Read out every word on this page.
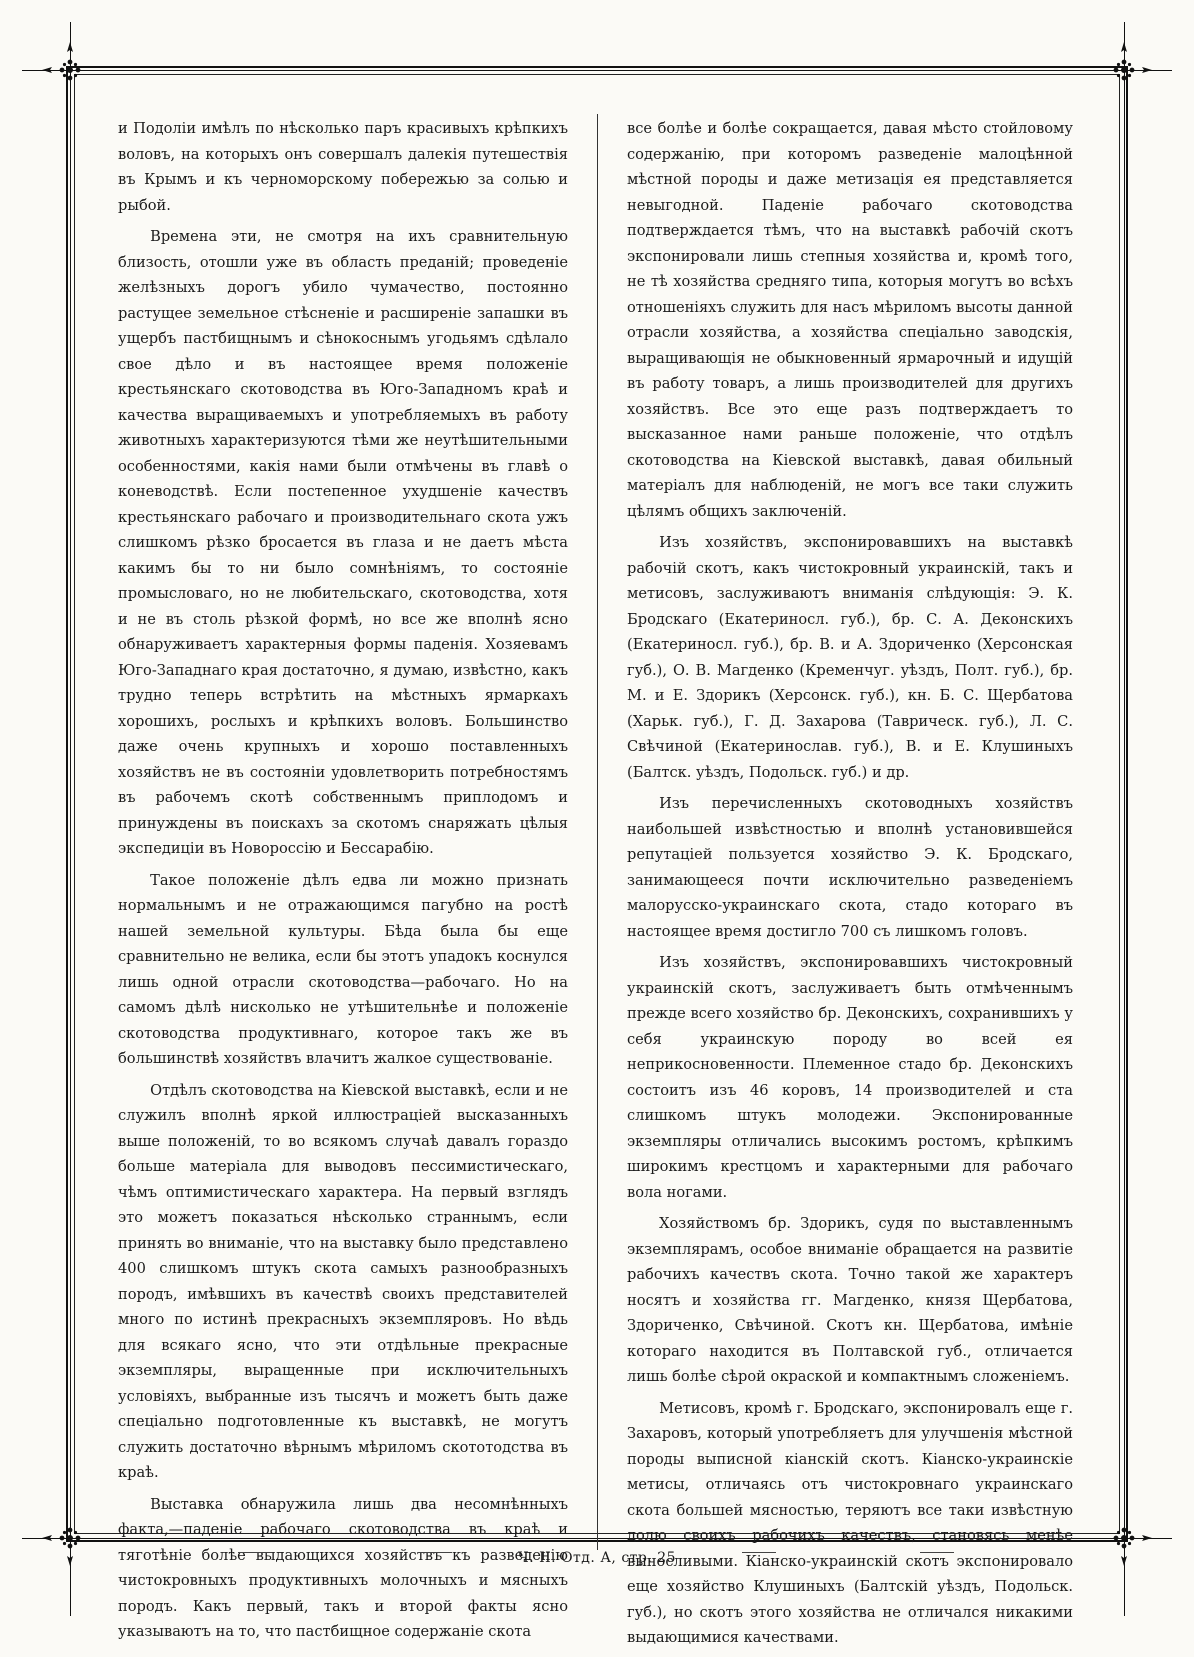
и Подоліи имѣлъ по нѣсколько паръ красивыхъ крѣпкихъ воловъ, на которыхъ онъ совершалъ далекія путешествія въ Крымъ и къ черноморскому побережью за солью и рыбой.

Времена эти, не смотря на ихъ сравнительную близость, отошли уже въ область преданій; проведеніе желѣзныхъ дорогъ убило чумачество, постоянно растущее земельное стѣсненіе и расширеніе запашки въ ущербъ пастбищнымъ и сѣнокоснымъ угодьямъ сдѣлало свое дѣло и въ настоящее время положеніе крестьянскаго скотоводства въ Юго-Западномъ краѣ и качества выращиваемыхъ и употребляемыхъ въ работу животныхъ характеризуются тѣми же неутѣшительными особенностями, какія нами были отмѣчены въ главѣ о коневодствѣ. Если постепенное ухудшеніе качествъ крестьянскаго рабочаго и производительнаго скота ужъ слишкомъ рѣзко бросается въ глаза и не даетъ мѣста какимъ бы то ни было сомнѣніямъ, то состояніе промысловаго, но не любительскаго, скотоводства, хотя и не въ столь рѣзкой формѣ, но все же вполнѣ ясно обнаруживаетъ характерныя формы паденія. Хозяевамъ Юго-Западнаго края достаточно, я думаю, извѣстно, какъ трудно теперь встрѣтить на мѣстныхъ ярмаркахъ хорошихъ, рослыхъ и крѣпкихъ воловъ. Большинство даже очень крупныхъ и хорошо поставленныхъ хозяйствъ не въ состояніи удовлетворить потребностямъ въ рабочемъ скотѣ собственнымъ приплодомъ и принуждены въ поискахъ за скотомъ снаряжать цѣлыя экспедиціи въ Новороссію и Бессарабію.

Такое положеніе дѣлъ едва ли можно признать нормальнымъ и не отражающимся пагубно на ростѣ нашей земельной культуры. Бѣда была бы еще сравнительно не велика, если бы этотъ упадокъ коснулся лишь одной отрасли скотоводства—рабочаго. Но на самомъ дѣлѣ нисколько не утѣшительнѣе и положеніе скотоводства продуктивнаго, которое такъ же въ большинствѣ хозяйствъ влачитъ жалкое существованіе.

Отдѣлъ скотоводства на Кіевской выставкѣ, если и не служилъ вполнѣ яркой иллюстраціей высказанныхъ выше положеній, то во всякомъ случаѣ давалъ гораздо больше матеріала для выводовъ пессимистическаго, чѣмъ оптимистическаго характера. На первый взглядъ это можетъ показаться нѣсколько страннымъ, если принять во вниманіе, что на выставку было представлено 400 слишкомъ штукъ скота самыхъ разнообразныхъ породъ, имѣвшихъ въ качествѣ своихъ представителей много по истинѣ прекрасныхъ экземпляровъ. Но вѣдь для всякаго ясно, что эти отдѣльные прекрасные экземпляры, выращенные при исключительныхъ условіяхъ, выбранные изъ тысячъ и можетъ быть даже спеціально подготовленные къ выставкѣ, не могутъ служить достаточно вѣрнымъ мѣриломъ скототодства въ краѣ.

Выставка обнаружила лишь два несомнѣнныхъ факта,—паденіе рабочаго скотоводства въ краѣ и тяготѣніе болѣе выдающихся хозяйствъ къ разведенію чистокровныхъ продуктивныхъ молочныхъ и мясныхъ породъ. Какъ первый, такъ и второй факты ясно указываютъ на то, что пастбищное содержаніе скота

все болѣе и болѣе сокращается, давая мѣсто стойловому содержанію, при которомъ разведеніе малоцѣнной мѣстной породы и даже метизація ея представляется невыгодной. Паденіе рабочаго скотоводства подтверждается тѣмъ, что на выставкѣ рабочій скотъ экспонировали лишь степныя хозяйства и, кромѣ того, не тѣ хозяйства средняго типа, которыя могутъ во всѣхъ отношеніяхъ служить для насъ мѣриломъ высоты данной отрасли хозяйства, а хозяйства спеціально заводскія, выращивающія не обыкновенный ярмарочный и идущій въ работу товаръ, а лишь производителей для другихъ хозяйствъ. Все это еще разъ подтверждаетъ то высказанное нами раньше положеніе, что отдѣлъ скотоводства на Кіевской выставкѣ, давая обильный матеріалъ для наблюденій, не могъ все таки служить цѣлямъ общихъ заключеній.

Изъ хозяйствъ, экспонировавшихъ на выставкѣ рабочій скотъ, какъ чистокровный украинскій, такъ и метисовъ, заслуживаютъ вниманія слѣдующія: Э. К. Бродскаго (Екатериносл. губ.), бр. С. А. Деконскихъ (Екатериносл. губ.), бр. В. и А. Здориченко (Херсонская губ.), О. В. Магденко (Кременчуг. уѣздъ, Полт. губ.), бр. М. и Е. Здорикъ (Херсонск. губ.), кн. Б. С. Щербатова (Харьк. губ.), Г. Д. Захарова (Таврическ. губ.), Л. С. Свѣчиной (Екатеринослав. губ.), В. и Е. Клушиныхъ (Балтск. уѣздъ, Подольск. губ.) и др.

Изъ перечисленныхъ скотоводныхъ хозяйствъ наибольшей извѣстностью и вполнѣ установившейся репутаціей пользуется хозяйство Э. К. Бродскаго, занимающееся почти исключительно разведеніемъ малорусско-украинскаго скота, стадо котораго въ настоящее время достигло 700 съ лишкомъ головъ.

Изъ хозяйствъ, экспонировавшихъ чистокровный украинскій скотъ, заслуживаетъ быть отмѣченнымъ прежде всего хозяйство бр. Деконскихъ, сохранившихъ у себя украинскую породу во всей ея неприкосновенности. Племенное стадо бр. Деконскихъ состоитъ изъ 46 коровъ, 14 производителей и ста слишкомъ штукъ молодежи. Экспонированные экземпляры отличались высокимъ ростомъ, крѣпкимъ широкимъ крестцомъ и характерными для рабочаго вола ногами.

Хозяйствомъ бр. Здорикъ, судя по выставленнымъ экземплярамъ, особое вниманіе обращается на развитіе рабочихъ качествъ скота. Точно такой же характеръ носятъ и хозяйства гг. Магденко, князя Щербатова, Здориченко, Свѣчиной. Скотъ кн. Щербатова, имѣніе котораго находится въ Полтавской губ., отличается лишь болѣе сѣрой окраской и компактнымъ сложеніемъ.

Метисовъ, кромѣ г. Бродскаго, экспонировалъ еще г. Захаровъ, который употребляетъ для улучшенія мѣстной породы выписной кіанскій скотъ. Кіанско-украинскіе метисы, отличаясь отъ чистокровнаго украинскаго скота большей мясностью, теряютъ все таки извѣстную долю своихъ рабочихъ качествъ, становясь менѣе выносливыми. Кіанско-украинскій скотъ экспонировало еще хозяйство Клушиныхъ (Балтскій уѣздъ, Подольск. губ.), но скотъ этого хозяйства не отличался никакими выдающимися качествами.

Ч. II. Отд. А, стр. 25
